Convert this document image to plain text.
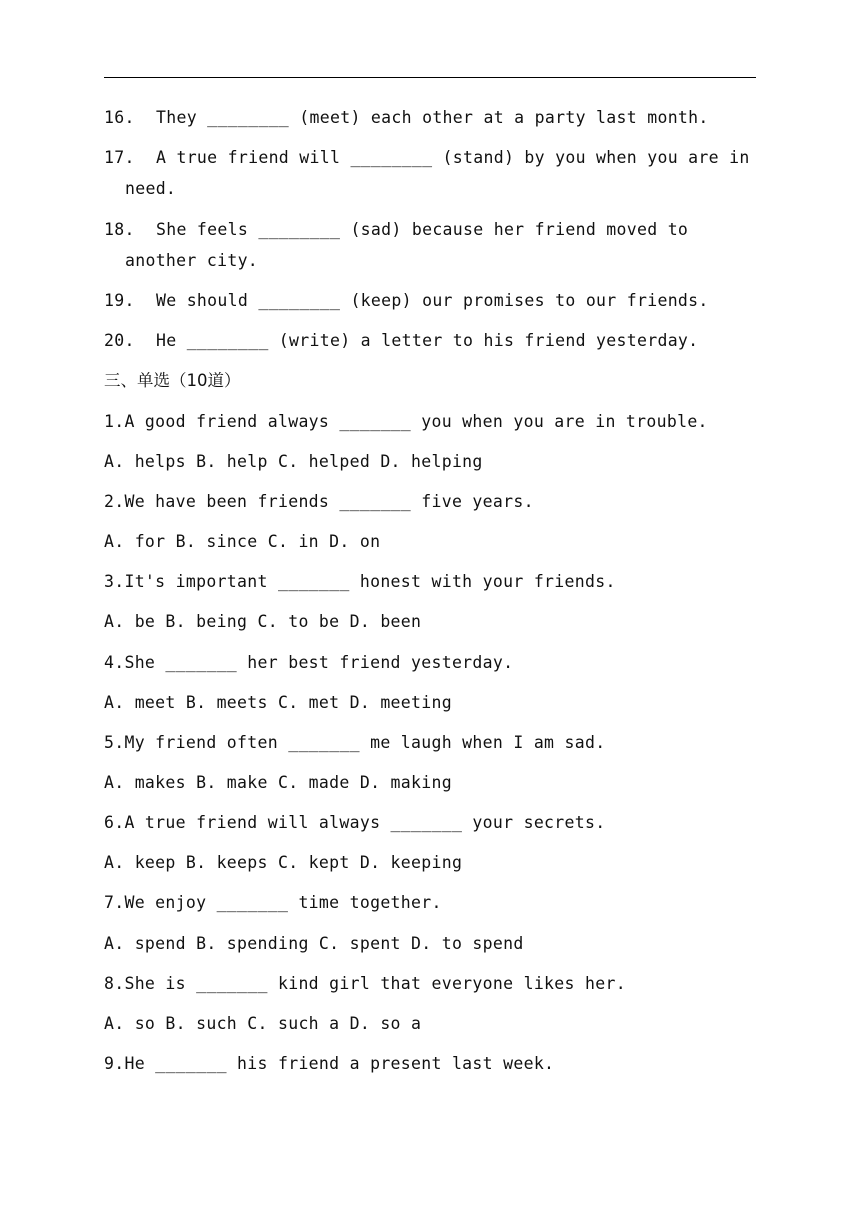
16. They ________ (meet) each other at a party last month.
17. A true friend will ________ (stand) by you when you are in
need.
18. She feels ________ (sad) because her friend moved to
another city.
19. We should ________ (keep) our promises to our friends.
20. He ________ (write) a letter to his friend yesterday.
三、单选（10道）
1.A good friend always _______ you when you are in trouble.
A. helps B. help C. helped D. helping
2.We have been friends _______ five years.
A. for B. since C. in D. on
3.It's important _______ honest with your friends.
A. be B. being C. to be D. been
4.She _______ her best friend yesterday.
A. meet B. meets C. met D. meeting
5.My friend often _______ me laugh when I am sad.
A. makes B. make C. made D. making
6.A true friend will always _______ your secrets.
A. keep B. keeps C. kept D. keeping
7.We enjoy _______ time together.
A. spend B. spending C. spent D. to spend
8.She is _______ kind girl that everyone likes her.
A. so B. such C. such a D. so a
9.He _______ his friend a present last week.
